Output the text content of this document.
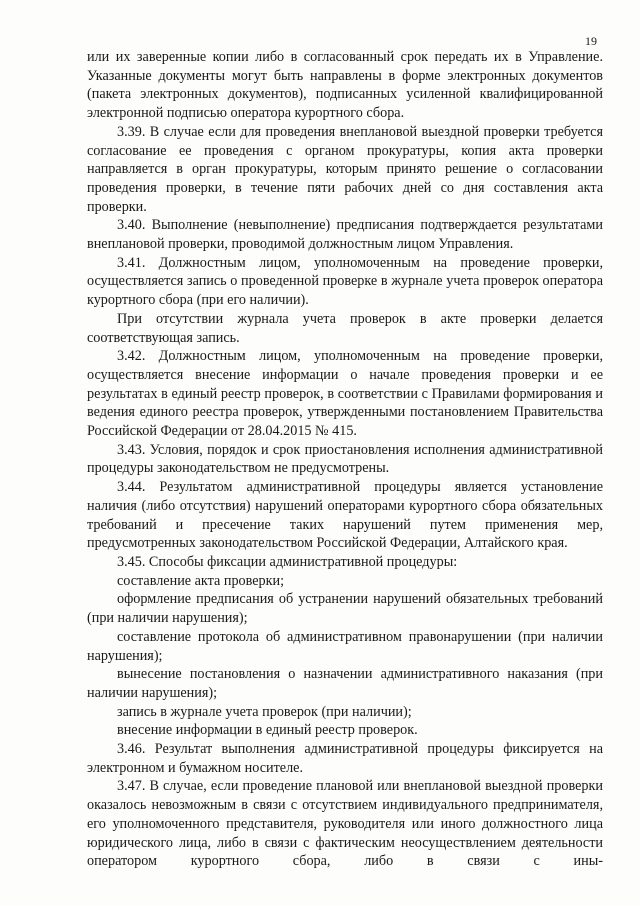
19

или их заверенные копии либо в согласованный срок передать их в Управление. Указанные документы могут быть направлены в форме электронных документов (пакета электронных документов), подписанных усиленной квалифицированной электронной подписью оператора курортного сбора.

3.39. В случае если для проведения внеплановой выездной проверки требуется согласование ее проведения с органом прокуратуры, копия акта проверки направляется в орган прокуратуры, которым принято решение о согласовании проведения проверки, в течение пяти рабочих дней со дня составления акта проверки.

3.40. Выполнение (невыполнение) предписания подтверждается результатами внеплановой проверки, проводимой должностным лицом Управления.

3.41. Должностным лицом, уполномоченным на проведение проверки, осуществляется запись о проведенной проверке в журнале учета проверок оператора курортного сбора (при его наличии).

При отсутствии журнала учета проверок в акте проверки делается соответствующая запись.

3.42. Должностным лицом, уполномоченным на проведение проверки, осуществляется внесение информации о начале проведения проверки и ее результатах в единый реестр проверок, в соответствии с Правилами формирования и ведения единого реестра проверок, утвержденными постановлением Правительства Российской Федерации от 28.04.2015 № 415.

3.43. Условия, порядок и срок приостановления исполнения административной процедуры законодательством не предусмотрены.

3.44. Результатом административной процедуры является установление наличия (либо отсутствия) нарушений операторами курортного сбора обязательных требований и пресечение таких нарушений путем применения мер, предусмотренных законодательством Российской Федерации, Алтайского края.

3.45. Способы фиксации административной процедуры:

составление акта проверки;

оформление предписания об устранении нарушений обязательных требований (при наличии нарушения);

составление протокола об административном правонарушении (при наличии нарушения);

вынесение постановления о назначении административного наказания (при наличии нарушения);

запись в журнале учета проверок (при наличии);

внесение информации в единый реестр проверок.

3.46. Результат выполнения административной процедуры фиксируется на электронном и бумажном носителе.

3.47. В случае, если проведение плановой или внеплановой выездной проверки оказалось невозможным в связи с отсутствием индивидуального предпринимателя, его уполномоченного представителя, руководителя или иного должностного лица юридического лица, либо в связи с фактическим неосуществлением деятельности оператором курортного сбора, либо в связи с ины-
